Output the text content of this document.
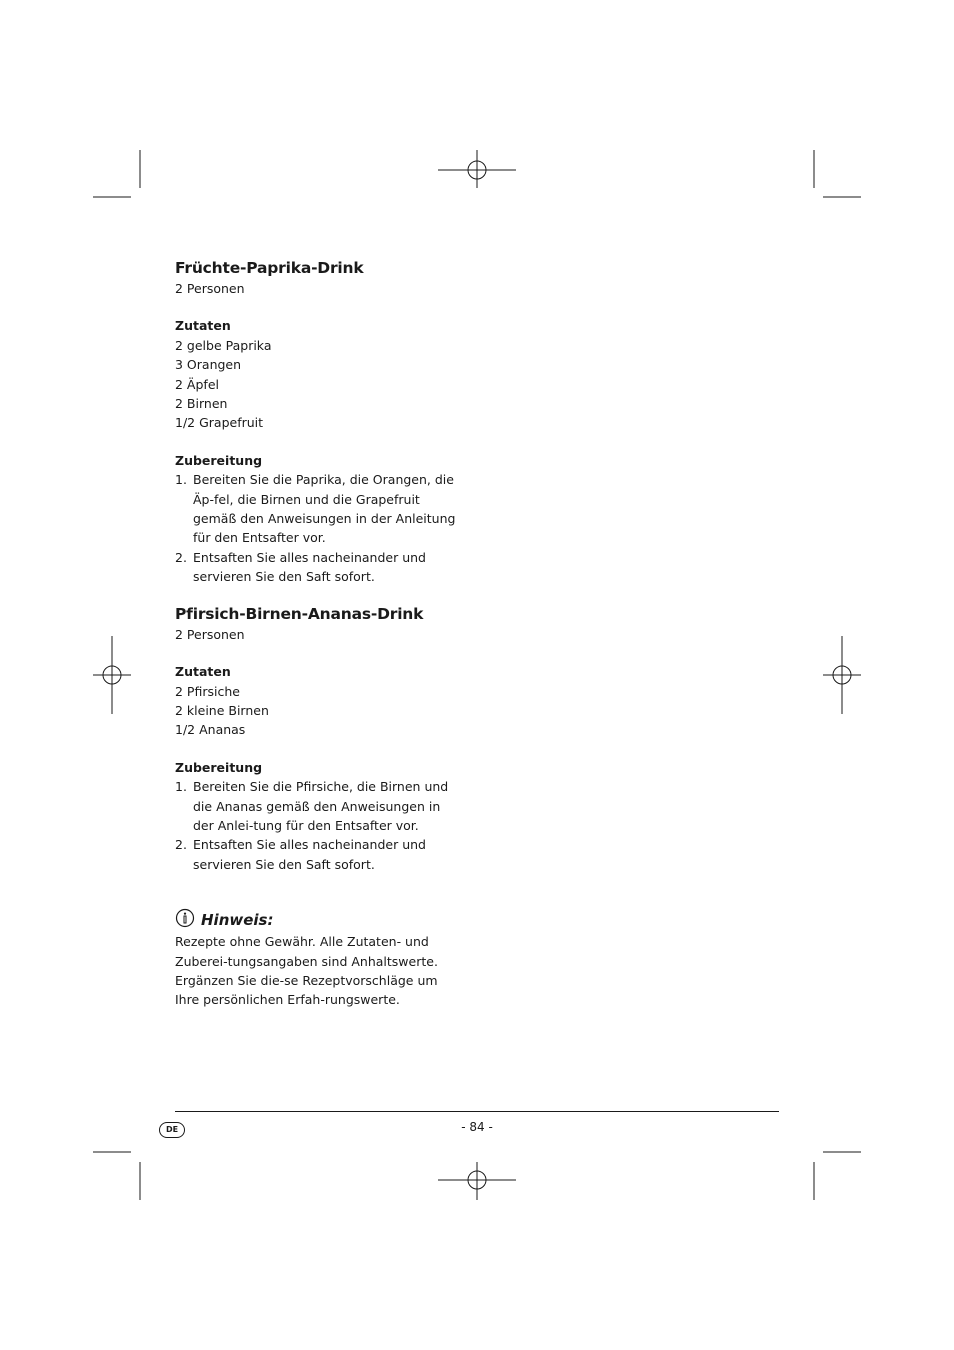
Früchte-Paprika-Drink

2 Personen

Zutaten

2 gelbe Paprika

3 Orangen

2 Äpfel

2 Birnen

1/2 Grapefruit

Zubereitung

1. Bereiten Sie die Paprika, die Orangen, die Äp-fel, die Birnen und die Grapefruit gemäß den Anweisungen in der Anleitung für den Entsafter vor.
2. Entsaften Sie alles nacheinander und servieren Sie den Saft sofort.
Pfirsich-Birnen-Ananas-Drink

2 Personen

Zutaten

2 Pfirsiche

2 kleine Birnen

1/2 Ananas

Zubereitung

1. Bereiten Sie die Pfirsiche, die Birnen und die Ananas gemäß den Anweisungen in der Anlei-tung für den Entsafter vor.
2. Entsaften Sie alles nacheinander und servieren Sie den Saft sofort.
Hinweis:

Rezepte ohne Gewähr. Alle Zutaten- und Zuberei-tungsangaben sind Anhaltswerte. Ergänzen Sie die-se Rezeptvorschläge um Ihre persönlichen Erfah-rungswerte.

DE	- 84 -
